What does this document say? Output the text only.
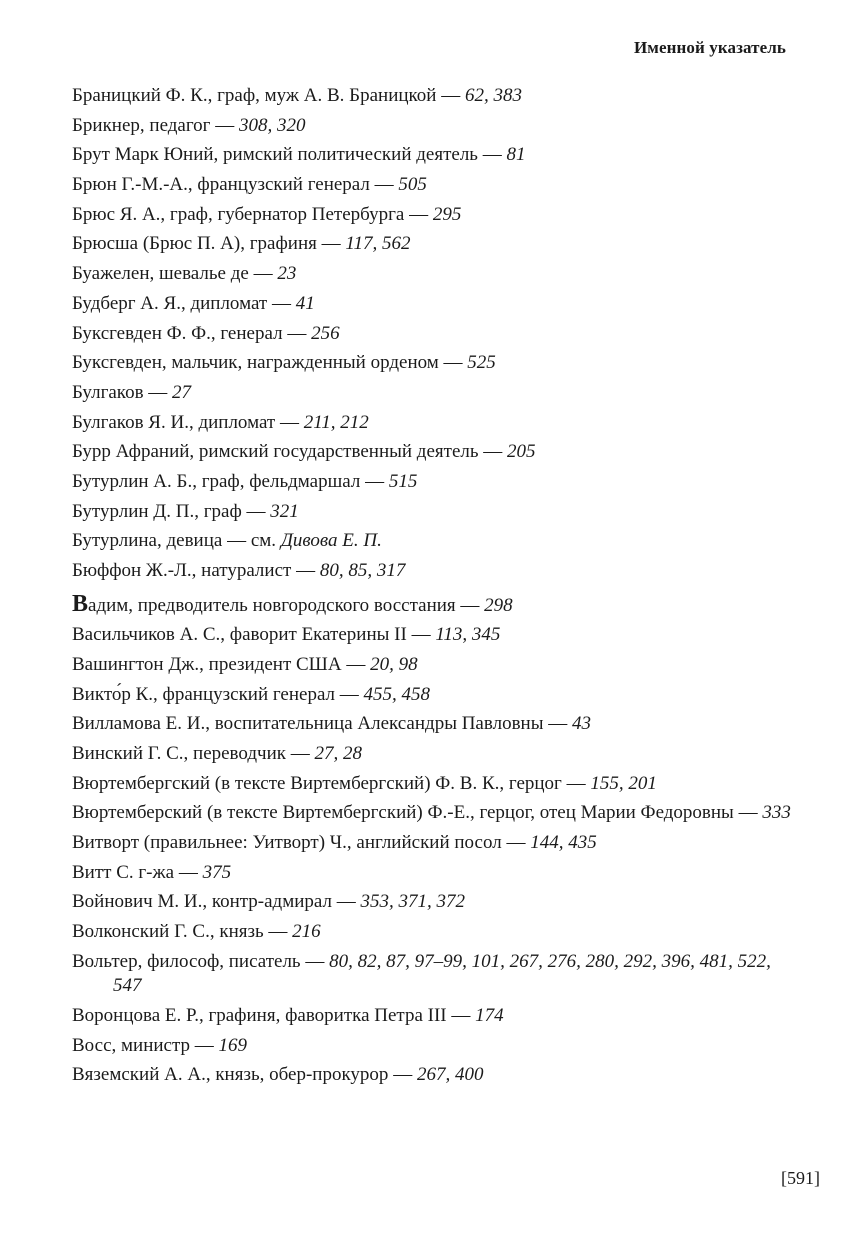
Именной указатель
Браницкий Ф. К., граф, муж А. В. Браницкой — 62, 383
Брикнер, педагог — 308, 320
Брут Марк Юний, римский политический деятель — 81
Брюн Г.-М.-А., французский генерал — 505
Брюс Я. А., граф, губернатор Петербурга — 295
Брюсша (Брюс П. А), графиня — 117, 562
Буажелен, шевалье де — 23
Будберг А. Я., дипломат — 41
Буксгевден Ф. Ф., генерал — 256
Буксгевден, мальчик, награжденный орденом — 525
Булгаков — 27
Булгаков Я. И., дипломат — 211, 212
Бурр Афраний, римский государственный деятель — 205
Бутурлин А. Б., граф, фельдмаршал — 515
Бутурлин Д. П., граф — 321
Бутурлина, девица — см. Дивова Е. П.
Бюффон Ж.-Л., натуралист — 80, 85, 317
Вадим, предводитель новгородского восстания — 298
Васильчиков А. С., фаворит Екатерины II — 113, 345
Вашингтон Дж., президент США — 20, 98
Викто́р К., французский генерал — 455, 458
Вилламова Е. И., воспитательница Александры Павловны — 43
Винский Г. С., переводчик — 27, 28
Вюртембергский (в тексте Виртембергский) Ф. В. К., герцог — 155, 201
Вюртемберский (в тексте Виртембергский) Ф.-Е., герцог, отец Марии Федоровны — 333
Витворт (правильнее: Уитворт) Ч., английский посол — 144, 435
Витт С. г-жа — 375
Войнович М. И., контр-адмирал — 353, 371, 372
Волконский Г. С., князь — 216
Вольтер, философ, писатель — 80, 82, 87, 97–99, 101, 267, 276, 280, 292, 396, 481, 522, 547
Воронцова Е. Р., графиня, фаворитка Петра III — 174
Восс, министр — 169
Вяземский А. А., князь, обер-прокурор — 267, 400
[591]
